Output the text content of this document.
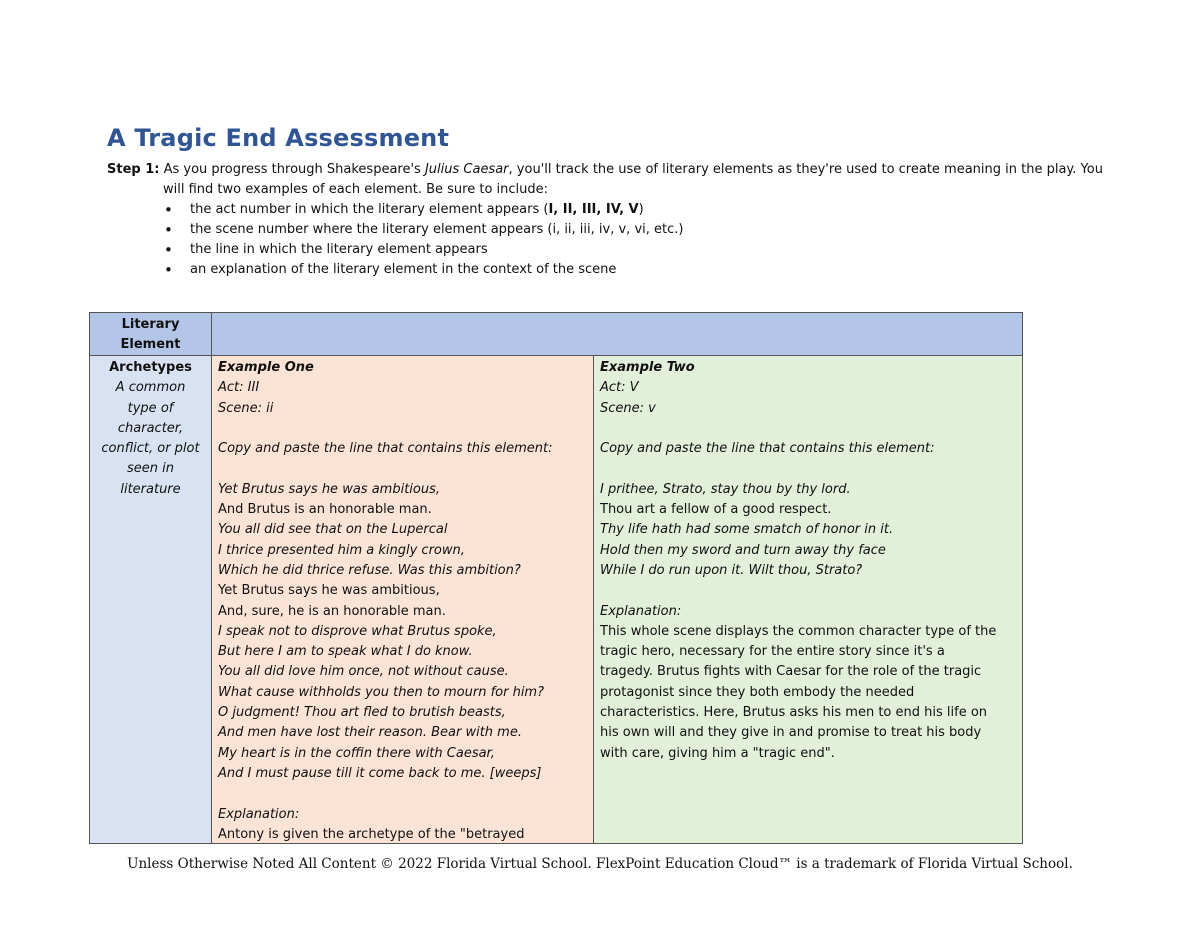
A Tragic End Assessment
Step 1: As you progress through Shakespeare's Julius Caesar, you'll track the use of literary elements as they're used to create meaning in the play. You
will find two examples of each element. Be sure to include:
• the act number in which the literary element appears (I, II, III, IV, V)
• the scene number where the literary element appears (i, ii, iii, iv, v, vi, etc.)
• the line in which the literary element appears
• an explanation of the literary element in the context of the scene
Literary
Element
Archetypes
A common
type of
character,
conflict, or plot
seen in
literature
Example One
Act: III
Scene: ii
Copy and paste the line that contains this element:
Yet Brutus says he was ambitious,
And Brutus is an honorable man.
You all did see that on the Lupercal
I thrice presented him a kingly crown,
Which he did thrice refuse. Was this ambition?
Yet Brutus says he was ambitious,
And, sure, he is an honorable man.
I speak not to disprove what Brutus spoke,
But here I am to speak what I do know.
You all did love him once, not without cause.
What cause withholds you then to mourn for him?
O judgment! Thou art fled to brutish beasts,
And men have lost their reason. Bear with me.
My heart is in the coffin there with Caesar,
And I must pause till it come back to me. [weeps]
Explanation:
Antony is given the archetype of the "betrayed
Example Two
Act: V
Scene: v
Copy and paste the line that contains this element:
I prithee, Strato, stay thou by thy lord.
Thou art a fellow of a good respect.
Thy life hath had some smatch of honor in it.
Hold then my sword and turn away thy face
While I do run upon it. Wilt thou, Strato?
Explanation:
This whole scene displays the common character type of the
tragic hero, necessary for the entire story since it's a
tragedy. Brutus fights with Caesar for the role of the tragic
protagonist since they both embody the needed
characteristics. Here, Brutus asks his men to end his life on
his own will and they give in and promise to treat his body
with care, giving him a "tragic end".
Unless Otherwise Noted All Content © 2022 Florida Virtual School. FlexPoint Education Cloud™ is a trademark of Florida Virtual School.
